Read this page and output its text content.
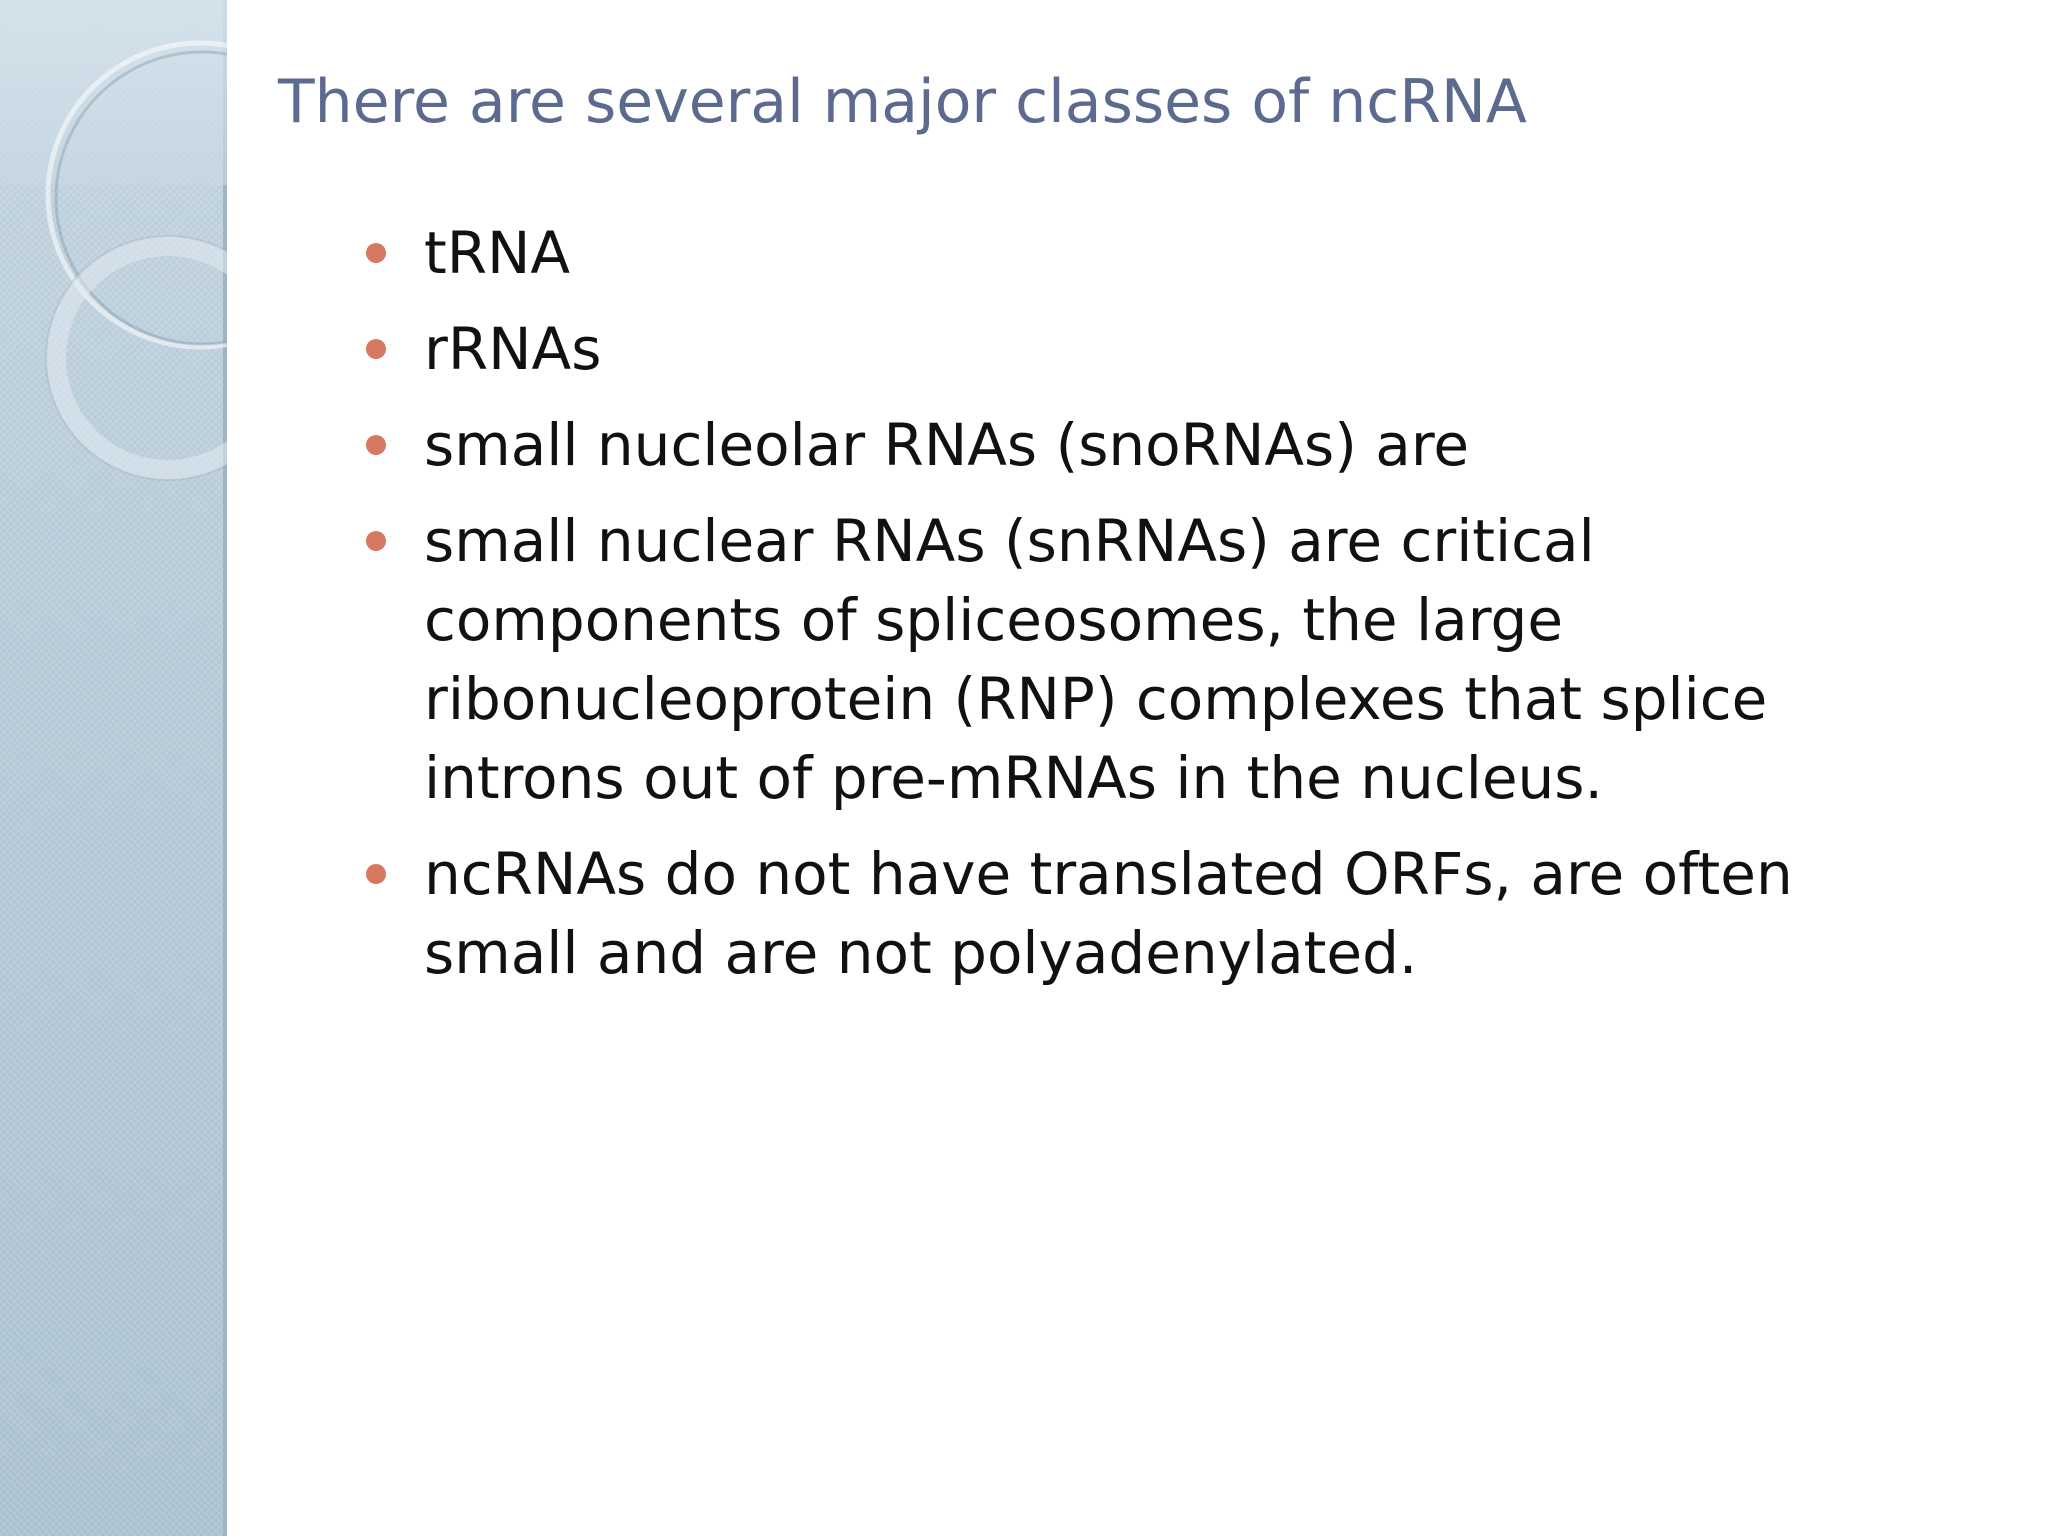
There are several major classes of ncRNA
tRNA
rRNAs
small nucleolar RNAs (snoRNAs) are
small nuclear RNAs (snRNAs) are critical components of spliceosomes, the large ribonucleoprotein (RNP) complexes that splice introns out of pre-mRNAs in the nucleus.
ncRNAs do not have translated ORFs, are often small and are not polyadenylated.
